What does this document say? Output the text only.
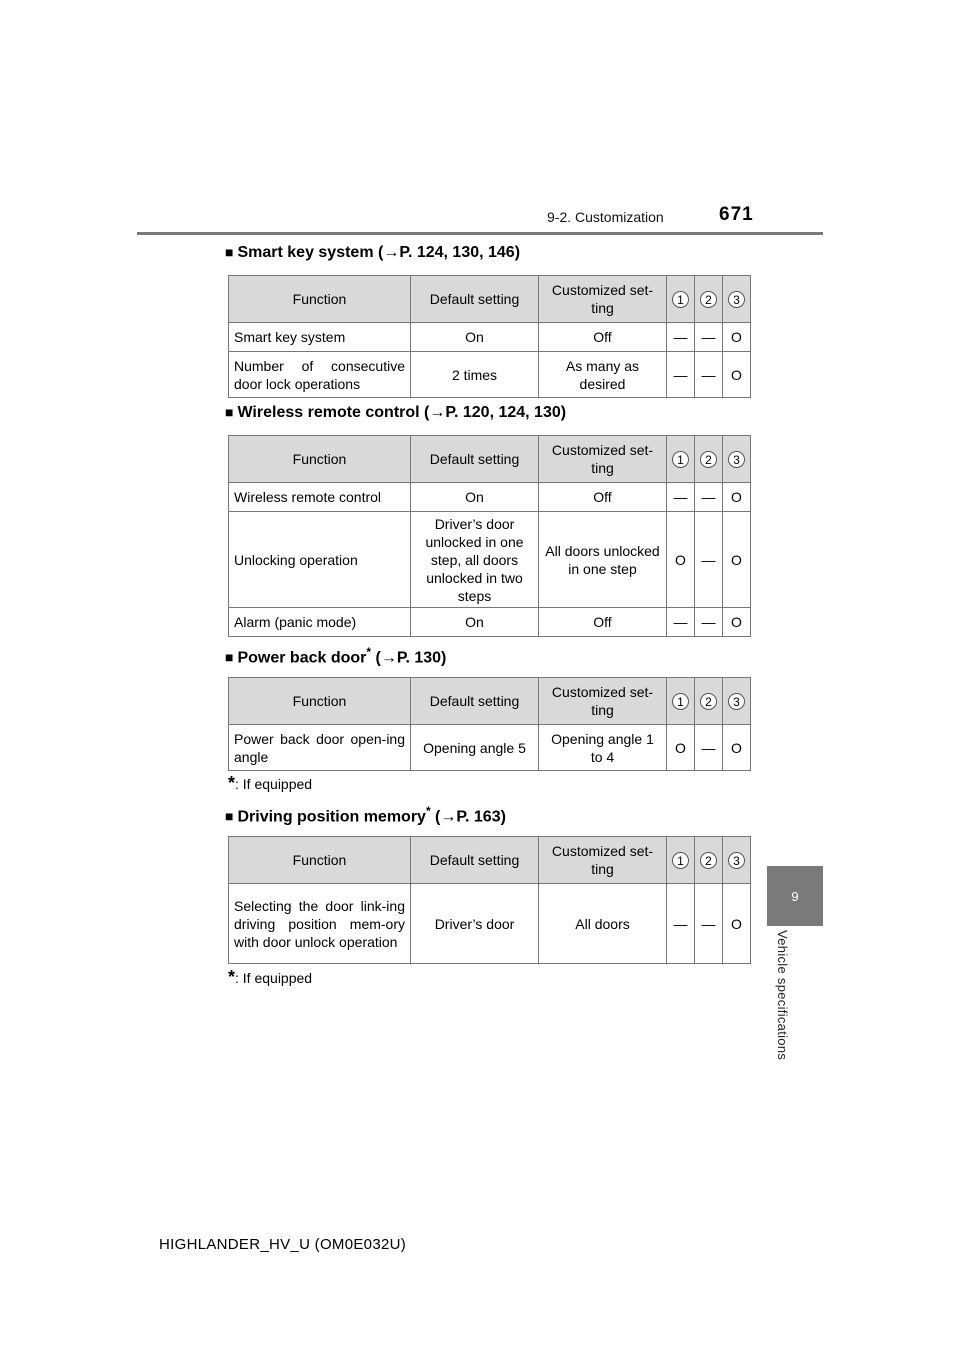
9-2. Customization	671
9
Vehicle specifications
■ Smart key system (→P. 124, 130, 146)
Function	Default setting	Customized set-ting	1	2	3
Smart key system	On	Off	—	—	O
Number of consecutive door lock operations	2 times	As many as desired	—	—	O
■ Wireless remote control (→P. 120, 124, 130)
Function	Default setting	Customized set-ting	1	2	3
Wireless remote control	On	Off	—	—	O
Unlocking operation	Driver’s door unlocked in one step, all doors unlocked in two steps	All doors unlocked in one step	O	—	O
Alarm (panic mode)	On	Off	—	—	O
■ Power back door* (→P. 130)
Function	Default setting	Customized set-ting	1	2	3
Power back door open-ing angle	Opening angle 5	Opening angle 1 to 4	O	—	O
*: If equipped
■ Driving position memory* (→P. 163)
Function	Default setting	Customized set-ting	1	2	3
Selecting the door link-ing driving position mem-ory with door unlock operation	Driver’s door	All doors	—	—	O
*: If equipped
HIGHLANDER_HV_U (OM0E032U)
